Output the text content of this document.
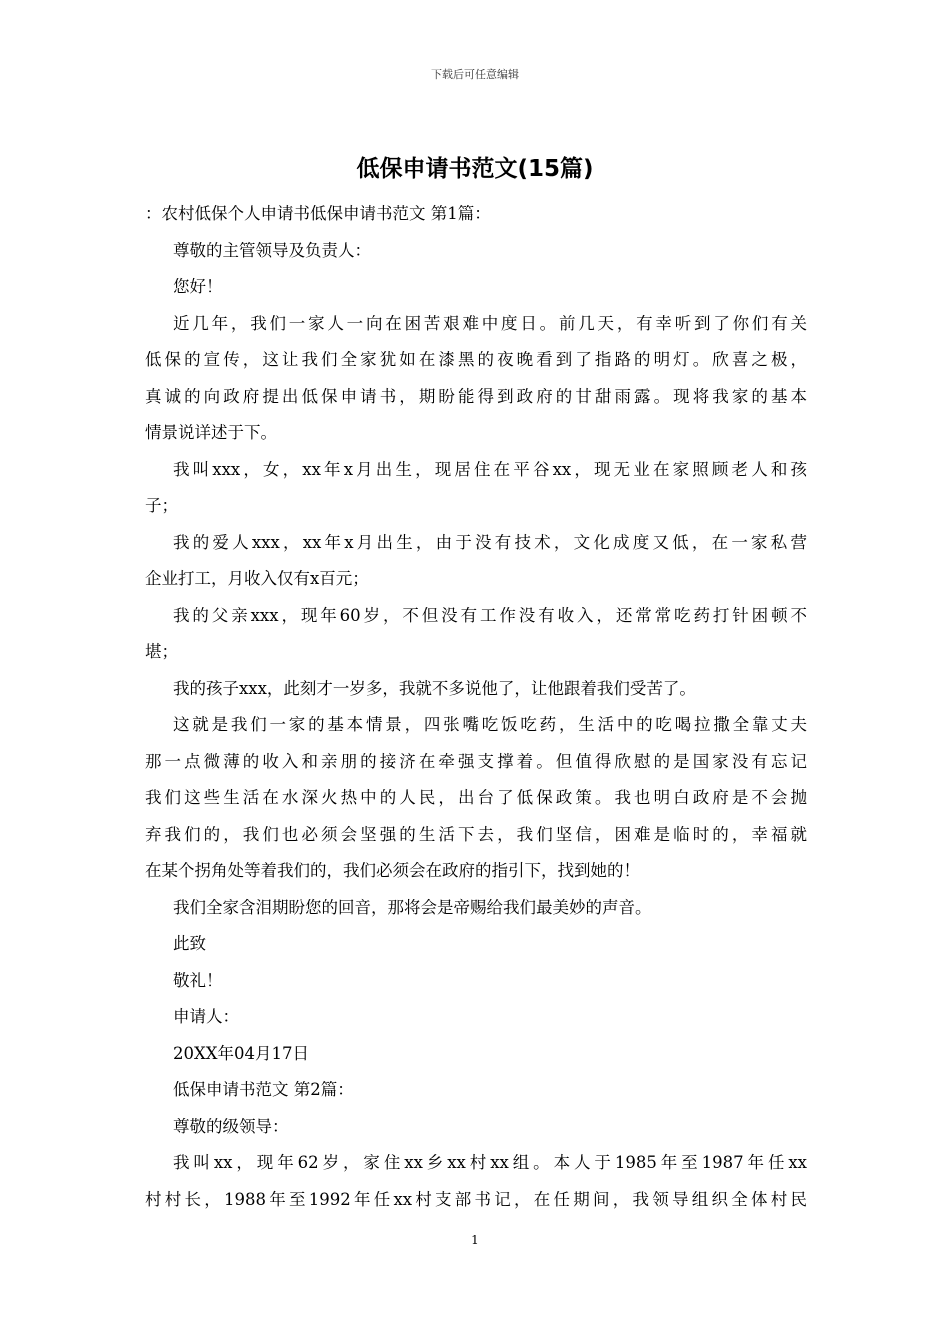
下载后可任意编辑
低保申请书范文(15篇)
：农村低保个人申请书低保申请书范文 第1篇：
尊敬的主管领导及负责人：
您好！
近几年，我们一家人一向在困苦艰难中度日。前几天，有幸听到了你们有关
低保的宣传，这让我们全家犹如在漆黑的夜晚看到了指路的明灯。欣喜之极，
真诚的向政府提出低保申请书，期盼能得到政府的甘甜雨露。现将我家的基本
情景说详述于下。
我叫xxx，女，xx年x月出生，现居住在平谷xx，现无业在家照顾老人和孩
子；
我的爱人xxx，xx年x月出生，由于没有技术，文化成度又低，在一家私营
企业打工，月收入仅有x百元；
我的父亲xxx，现年60岁，不但没有工作没有收入，还常常吃药打针困顿不
堪；
我的孩子xxx，此刻才一岁多，我就不多说他了，让他跟着我们受苦了。
这就是我们一家的基本情景，四张嘴吃饭吃药，生活中的吃喝拉撒全靠丈夫
那一点微薄的收入和亲朋的接济在牵强支撑着。但值得欣慰的是国家没有忘记
我们这些生活在水深火热中的人民，出台了低保政策。我也明白政府是不会抛
弃我们的，我们也必须会坚强的生活下去，我们坚信，困难是临时的，幸福就
在某个拐角处等着我们的，我们必须会在政府的指引下，找到她的！
我们全家含泪期盼您的回音，那将会是帝赐给我们最美妙的声音。
此致
敬礼！
申请人：
20XX年04月17日
低保申请书范文 第2篇：
尊敬的级领导：
我叫xx，现年62岁，家住xx乡xx村xx组。本人于1985年至1987年任xx
村村长，1988年至1992年任xx村支部书记，在任期间，我领导组织全体村民
1
